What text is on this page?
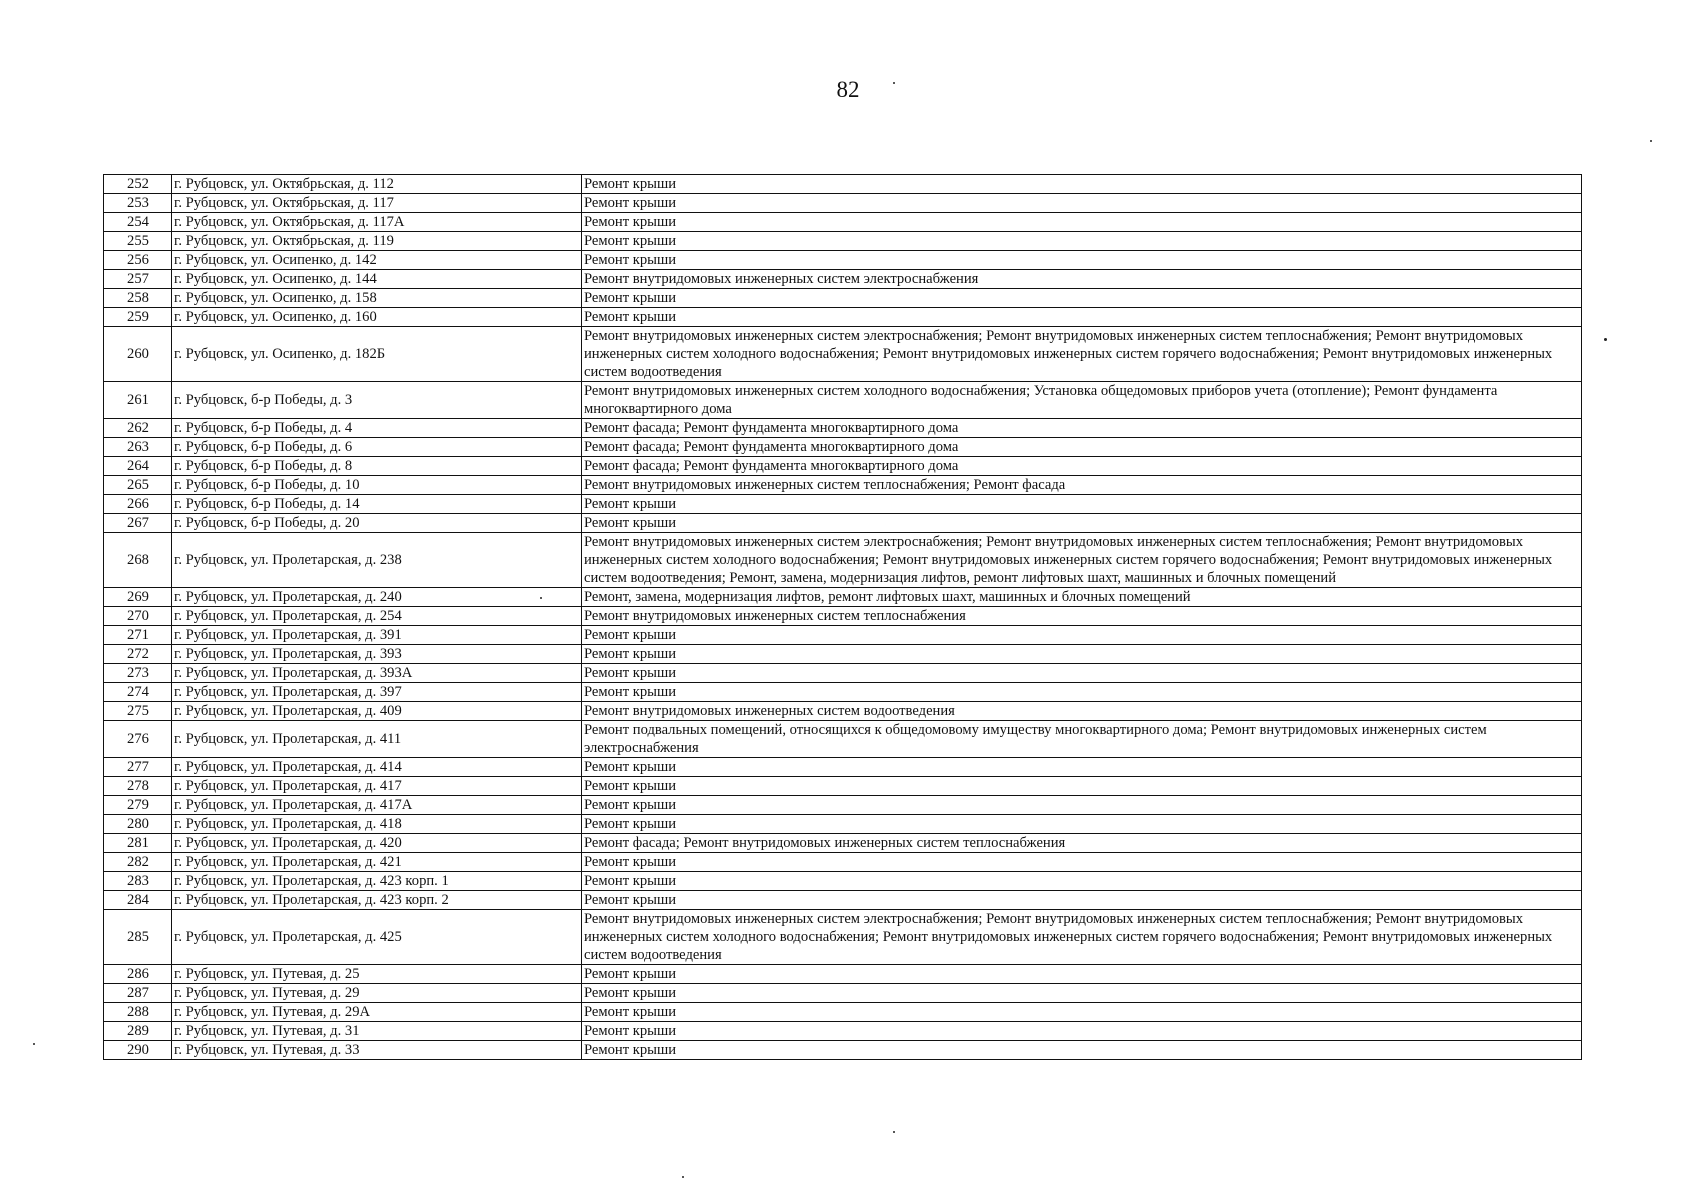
82
252	г. Рубцовск, ул. Октябрьская, д. 112	Ремонт крыши
253	г. Рубцовск, ул. Октябрьская, д. 117	Ремонт крыши
254	г. Рубцовск, ул. Октябрьская, д. 117А	Ремонт крыши
255	г. Рубцовск, ул. Октябрьская, д. 119	Ремонт крыши
256	г. Рубцовск, ул. Осипенко, д. 142	Ремонт крыши
257	г. Рубцовск, ул. Осипенко, д. 144	Ремонт внутридомовых инженерных систем электроснабжения
258	г. Рубцовск, ул. Осипенко, д. 158	Ремонт крыши
259	г. Рубцовск, ул. Осипенко, д. 160	Ремонт крыши
260	г. Рубцовск, ул. Осипенко, д. 182Б	Ремонт внутридомовых инженерных систем электроснабжения; Ремонт внутридомовых инженерных систем теплоснабжения; Ремонт внутридомовых инженерных систем холодного водоснабжения; Ремонт внутридомовых инженерных систем горячего водоснабжения; Ремонт внутридомовых инженерных систем водоотведения
261	г. Рубцовск, б-р Победы, д. 3	Ремонт внутридомовых инженерных систем холодного водоснабжения; Установка общедомовых приборов учета (отопление); Ремонт фундамента многоквартирного дома
262	г. Рубцовск, б-р Победы, д. 4	Ремонт фасада; Ремонт фундамента многоквартирного дома
263	г. Рубцовск, б-р Победы, д. 6	Ремонт фасада; Ремонт фундамента многоквартирного дома
264	г. Рубцовск, б-р Победы, д. 8	Ремонт фасада; Ремонт фундамента многоквартирного дома
265	г. Рубцовск, б-р Победы, д. 10	Ремонт внутридомовых инженерных систем теплоснабжения; Ремонт фасада
266	г. Рубцовск, б-р Победы, д. 14	Ремонт крыши
267	г. Рубцовск, б-р Победы, д. 20	Ремонт крыши
268	г. Рубцовск, ул. Пролетарская, д. 238	Ремонт внутридомовых инженерных систем электроснабжения; Ремонт внутридомовых инженерных систем теплоснабжения; Ремонт внутридомовых инженерных систем холодного водоснабжения; Ремонт внутридомовых инженерных систем горячего водоснабжения; Ремонт внутридомовых инженерных систем водоотведения; Ремонт, замена, модернизация лифтов, ремонт лифтовых шахт, машинных и блочных помещений
269	г. Рубцовск, ул. Пролетарская, д. 240	Ремонт, замена, модернизация лифтов, ремонт лифтовых шахт, машинных и блочных помещений
270	г. Рубцовск, ул. Пролетарская, д. 254	Ремонт внутридомовых инженерных систем теплоснабжения
271	г. Рубцовск, ул. Пролетарская, д. 391	Ремонт крыши
272	г. Рубцовск, ул. Пролетарская, д. 393	Ремонт крыши
273	г. Рубцовск, ул. Пролетарская, д. 393А	Ремонт крыши
274	г. Рубцовск, ул. Пролетарская, д. 397	Ремонт крыши
275	г. Рубцовск, ул. Пролетарская, д. 409	Ремонт внутридомовых инженерных систем водоотведения
276	г. Рубцовск, ул. Пролетарская, д. 411	Ремонт подвальных помещений, относящихся к общедомовому имуществу многоквартирного дома; Ремонт внутридомовых инженерных систем электроснабжения
277	г. Рубцовск, ул. Пролетарская, д. 414	Ремонт крыши
278	г. Рубцовск, ул. Пролетарская, д. 417	Ремонт крыши
279	г. Рубцовск, ул. Пролетарская, д. 417А	Ремонт крыши
280	г. Рубцовск, ул. Пролетарская, д. 418	Ремонт крыши
281	г. Рубцовск, ул. Пролетарская, д. 420	Ремонт фасада; Ремонт внутридомовых инженерных систем теплоснабжения
282	г. Рубцовск, ул. Пролетарская, д. 421	Ремонт крыши
283	г. Рубцовск, ул. Пролетарская, д. 423 корп. 1	Ремонт крыши
284	г. Рубцовск, ул. Пролетарская, д. 423 корп. 2	Ремонт крыши
285	г. Рубцовск, ул. Пролетарская, д. 425	Ремонт внутридомовых инженерных систем электроснабжения; Ремонт внутридомовых инженерных систем теплоснабжения; Ремонт внутридомовых инженерных систем холодного водоснабжения; Ремонт внутридомовых инженерных систем горячего водоснабжения; Ремонт внутридомовых инженерных систем водоотведения
286	г. Рубцовск, ул. Путевая, д. 25	Ремонт крыши
287	г. Рубцовск, ул. Путевая, д. 29	Ремонт крыши
288	г. Рубцовск, ул. Путевая, д. 29А	Ремонт крыши
289	г. Рубцовск, ул. Путевая, д. 31	Ремонт крыши
290	г. Рубцовск, ул. Путевая, д. 33	Ремонт крыши
